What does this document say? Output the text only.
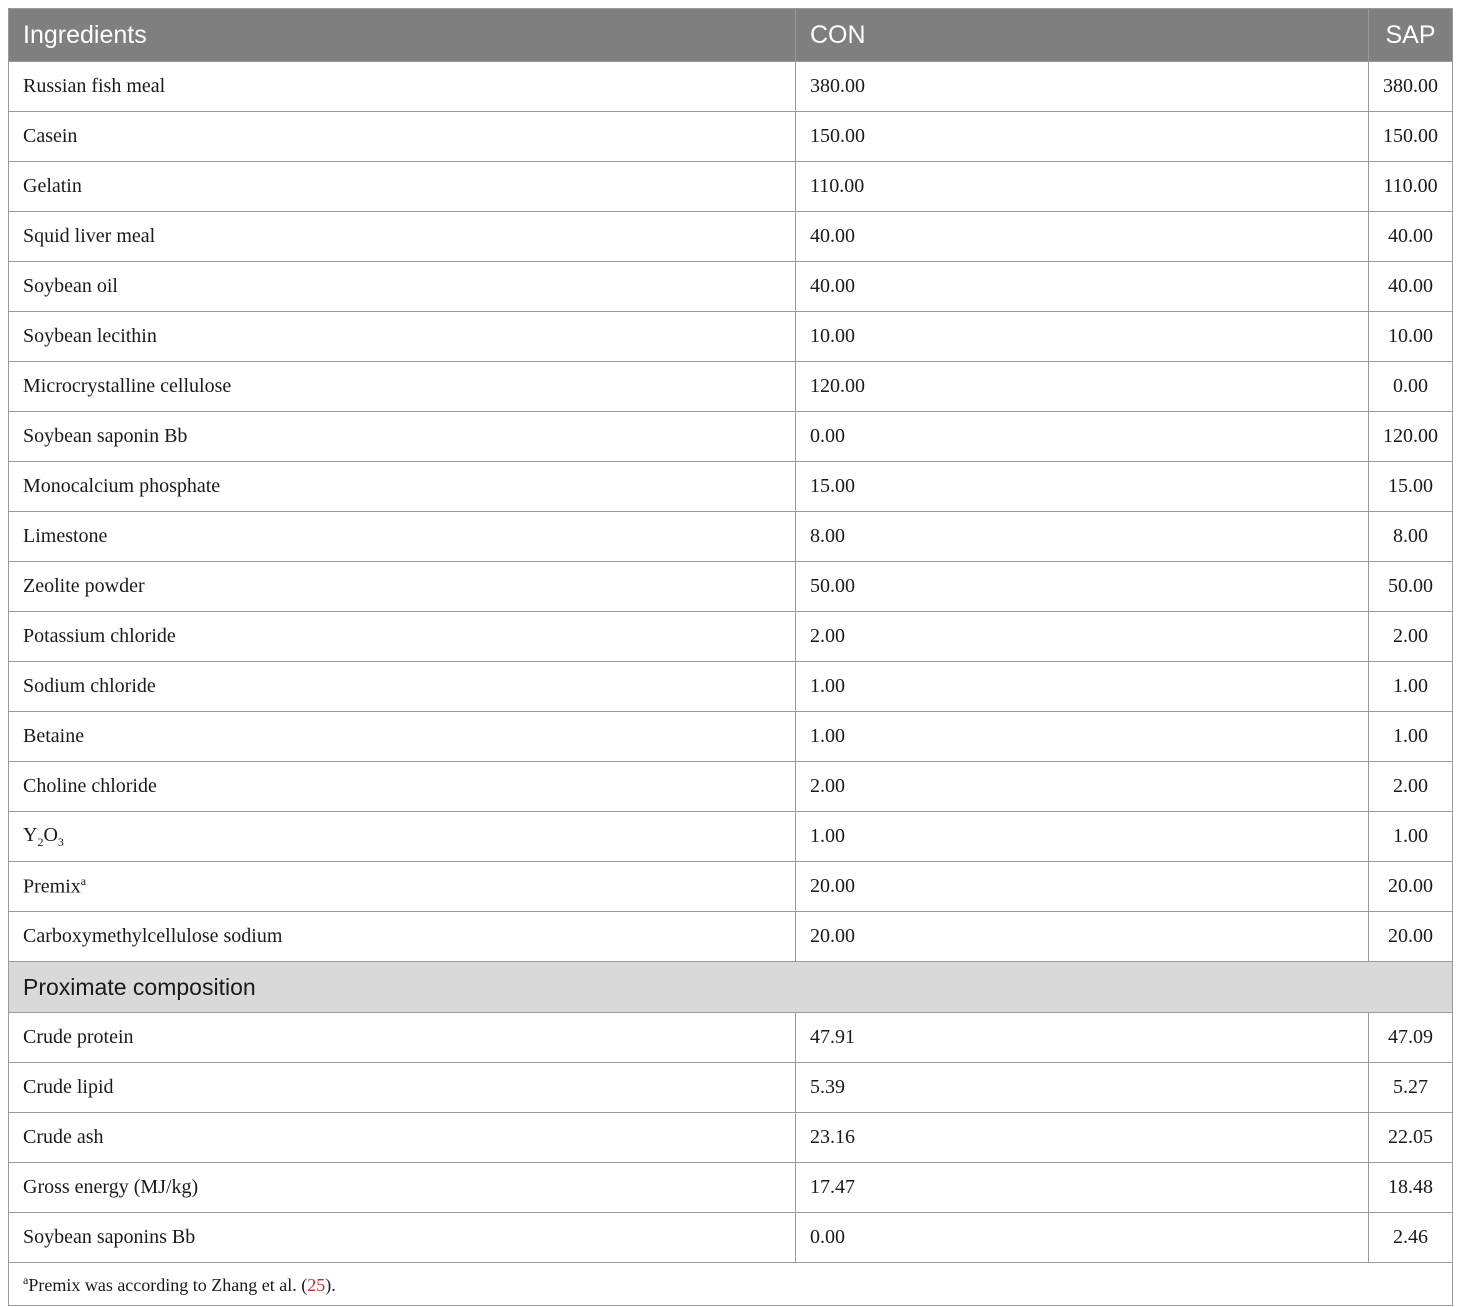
Ingredients	CON	SAP
Russian fish meal	380.00	380.00
Casein	150.00	150.00
Gelatin	110.00	110.00
Squid liver meal	40.00	40.00
Soybean oil	40.00	40.00
Soybean lecithin	10.00	10.00
Microcrystalline cellulose	120.00	0.00
Soybean saponin Bb	0.00	120.00
Monocalcium phosphate	15.00	15.00
Limestone	8.00	8.00
Zeolite powder	50.00	50.00
Potassium chloride	2.00	2.00
Sodium chloride	1.00	1.00
Betaine	1.00	1.00
Choline chloride	2.00	2.00
$Y_2O_3$	1.00	1.00
Premix$^a$	20.00	20.00
Carboxymethylcellulose sodium	20.00	20.00
Proximate composition		
Crude protein	47.91	47.09
Crude lipid	5.39	5.27
Crude ash	23.16	22.05
Gross energy (MJ/kg)	17.47	18.48
Soybean saponins Bb	0.00	2.46
$^a$Premix was according to Zhang et al. (25).		
